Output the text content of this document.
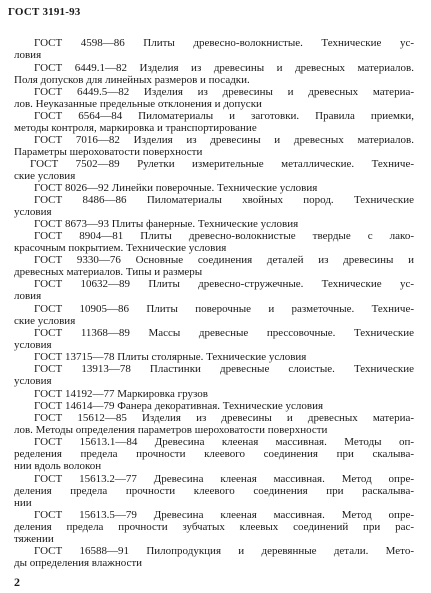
ГОСТ 3191-93
ГОСТ 4598—86 Плиты древесно-волокнистые. Технические ус-
ловия
ГОСТ 6449.1—82 Изделия из древесины и древесных материалов.
Поля допусков для линейных размеров и посадки.
ГОСТ 6449.5—82 Изделия из древесины и древесных материа-
лов. Неуказанные предельные отклонения и допуски
ГОСТ 6564—84 Пиломатериалы и заготовки. Правила приемки,
методы контроля, маркировка и транспортирование
ГОСТ 7016—82 Изделия из древесины и древесных материалов.
Параметры шероховатости поверхности
ГОСТ 7502—89 Рулетки измерительные металлические. Техниче-
ские условия
ГОСТ 8026—92 Линейки поверочные. Технические условия
ГОСТ 8486—86 Пиломатериалы хвойных пород. Технические
условия
ГОСТ 8673—93 Плиты фанерные. Технические условия
ГОСТ 8904—81 Плиты древесно-волокнистые твердые с лако-
красочным покрытием. Технические условия
ГОСТ 9330—76 Основные соединения деталей из древесины и
древесных материалов. Типы и размеры
ГОСТ 10632—89 Плиты древесно-стружечные. Технические ус-
ловия
ГОСТ 10905—86 Плиты поверочные и разметочные. Техниче-
ские условия
ГОСТ 11368—89 Массы древесные прессовочные. Технические
условия
ГОСТ 13715—78 Плиты столярные. Технические условия
ГОСТ 13913—78 Пластинки древесные слоистые. Технические
условия
ГОСТ 14192—77 Маркировка грузов
ГОСТ 14614—79 Фанера декоративная. Технические условия
ГОСТ 15612—85 Изделия из древесины и древесных материа-
лов. Методы определения параметров шероховатости поверхности
ГОСТ 15613.1—84 Древесина клееная массивная. Методы оп-
ределения предела прочности клеевого соединения при скалыва-
нии вдоль волокон
ГОСТ 15613.2—77 Древесина клееная массивная. Метод опре-
деления предела прочности клеевого соединения при раскалыва-
нии
ГОСТ 15613.5—79 Древесина клееная массивная. Метод опре-
деления предела прочности зубчатых клеевых соединений при рас-
тяжении
ГОСТ 16588—91 Пилопродукция и деревянные детали. Мето-
ды определения влажности
2
